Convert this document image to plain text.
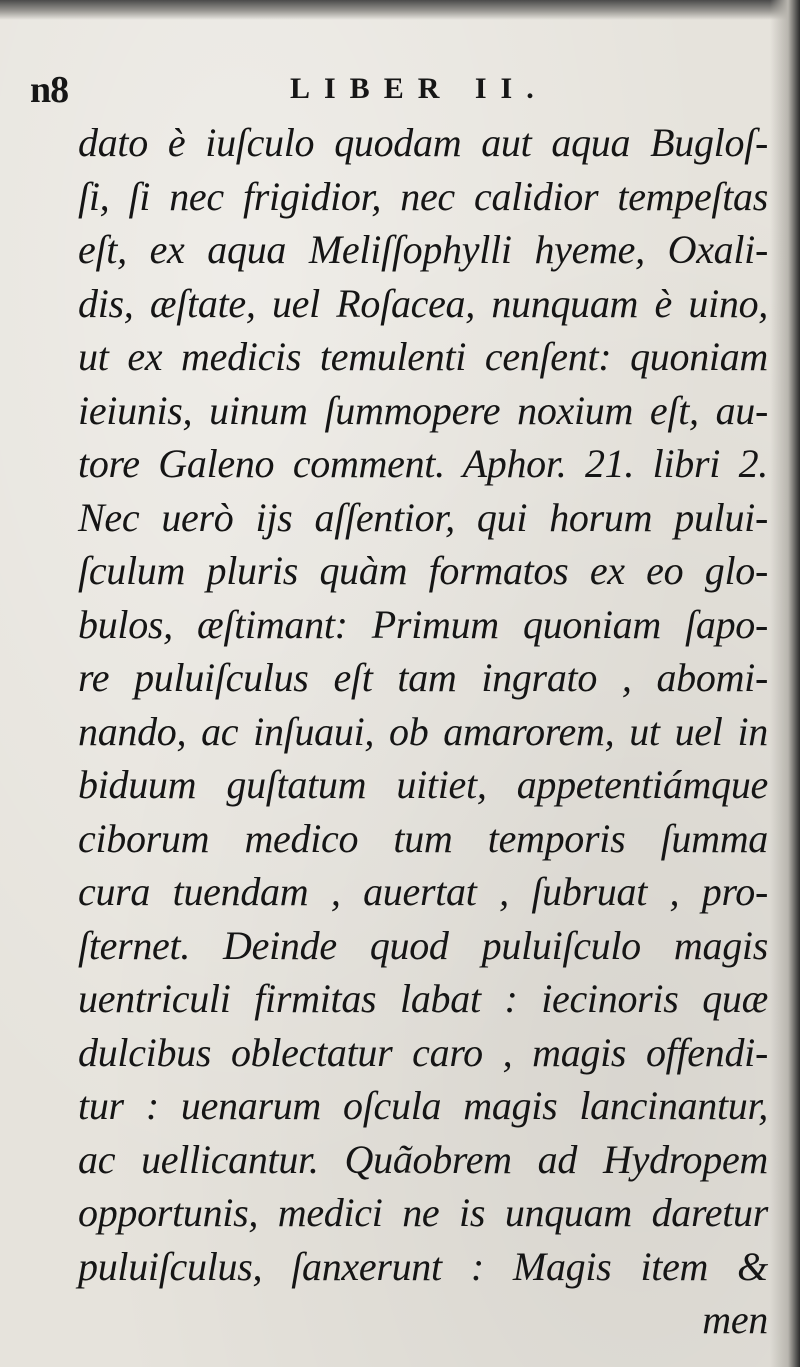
n8	LIBER II.
dato è iuſculo quodam aut aqua Bugloſ-
ſi, ſi nec frigidior, nec calidior tempeſtas
eſt, ex aqua Meliſſophylli hyeme, Oxali-
dis, æſtate, uel Roſacea, nunquam è uino,
ut ex medicis temulenti cenſent: quoniam
ieiunis, uinum ſummopere noxium eſt, au-
tore Galeno comment. Aphor. 21. libri 2.
Nec uerò ijs aſſentior, qui horum pului-
ſculum pluris quàm formatos ex eo glo-
bulos, æſtimant: Primum quoniam ſapo-
re puluiſculus eſt tam ingrato , abomi-
nando, ac inſuaui, ob amarorem, ut uel in
biduum guſtatum uitiet, appetentiámque
ciborum medico tum temporis ſumma
cura tuendam , auertat , ſubruat , pro-
ſternet. Deinde quod puluiſculo magis
uentriculi firmitas labat : iecinoris quæ
dulcibus oblectatur caro , magis offendi-
tur : uenarum oſcula magis lancinantur,
ac uellicantur. Quãobrem ad Hydropem
opportunis, medici ne is unquam daretur
puluiſculus, ſanxerunt : Magis item &
men
